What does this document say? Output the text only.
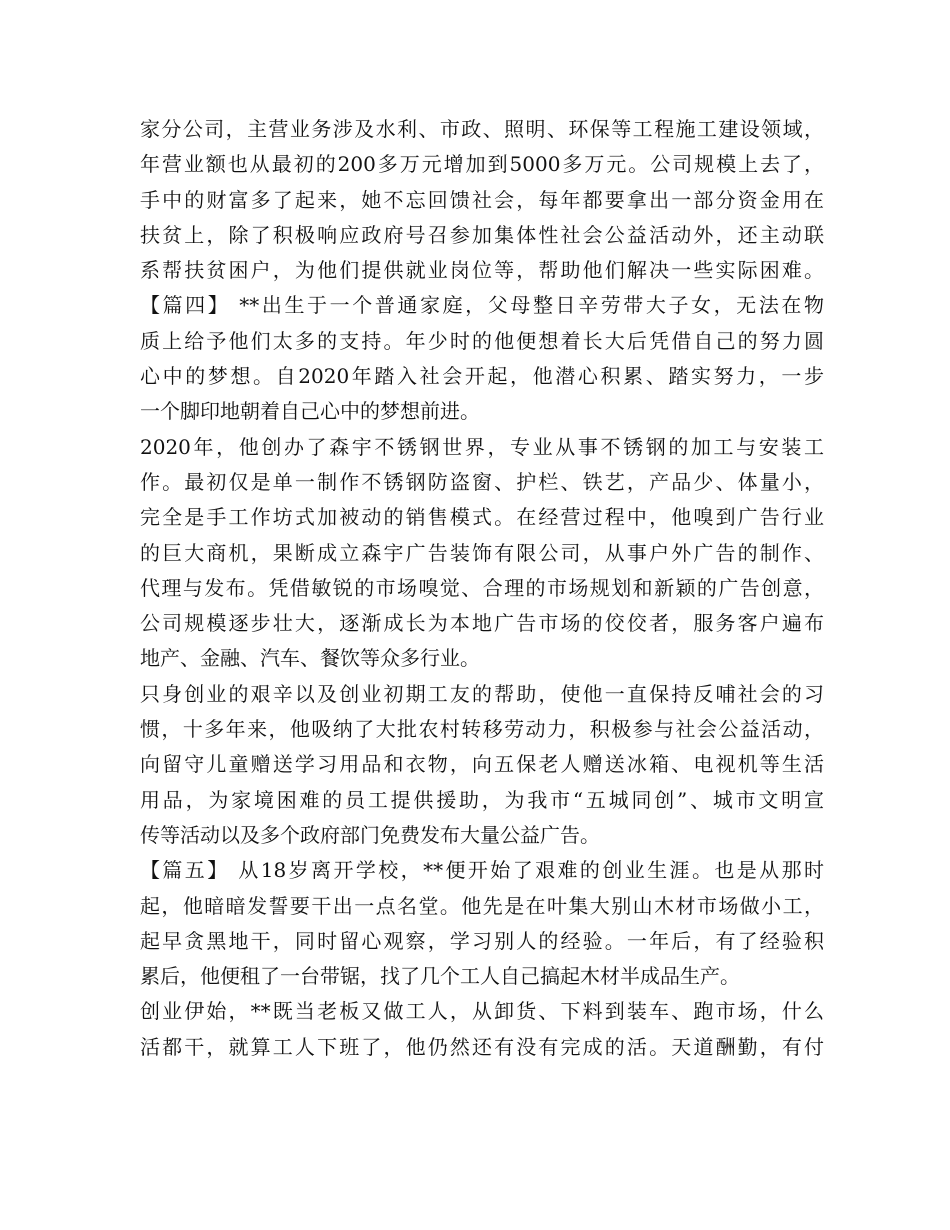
家分公司，主营业务涉及水利、市政、照明、环保等工程施工建设领域，
年营业额也从最初的200多万元增加到5000多万元。公司规模上去了，
手中的财富多了起来，她不忘回馈社会，每年都要拿出一部分资金用在
扶贫上，除了积极响应政府号召参加集体性社会公益活动外，还主动联
系帮扶贫困户，为他们提供就业岗位等，帮助他们解决一些实际困难。
【篇四】 **出生于一个普通家庭，父母整日辛劳带大子女，无法在物
质上给予他们太多的支持。年少时的他便想着长大后凭借自己的努力圆
心中的梦想。自2020年踏入社会开起，他潜心积累、踏实努力，一步
一个脚印地朝着自己心中的梦想前进。
2020年，他创办了森宇不锈钢世界，专业从事不锈钢的加工与安装工
作。最初仅是单一制作不锈钢防盗窗、护栏、铁艺，产品少、体量小，
完全是手工作坊式加被动的销售模式。在经营过程中，他嗅到广告行业
的巨大商机，果断成立森宇广告装饰有限公司，从事户外广告的制作、
代理与发布。凭借敏锐的市场嗅觉、合理的市场规划和新颖的广告创意，
公司规模逐步壮大，逐渐成长为本地广告市场的佼佼者，服务客户遍布
地产、金融、汽车、餐饮等众多行业。
只身创业的艰辛以及创业初期工友的帮助，使他一直保持反哺社会的习
惯，十多年来，他吸纳了大批农村转移劳动力，积极参与社会公益活动，
向留守儿童赠送学习用品和衣物，向五保老人赠送冰箱、电视机等生活
用品，为家境困难的员工提供援助，为我市“五城同创”、城市文明宣
传等活动以及多个政府部门免费发布大量公益广告。
【篇五】 从18岁离开学校，**便开始了艰难的创业生涯。也是从那时
起，他暗暗发誓要干出一点名堂。他先是在叶集大别山木材市场做小工，
起早贪黑地干，同时留心观察，学习别人的经验。一年后，有了经验积
累后，他便租了一台带锯，找了几个工人自己搞起木材半成品生产。
创业伊始，**既当老板又做工人，从卸货、下料到装车、跑市场，什么
活都干，就算工人下班了，他仍然还有没有完成的活。天道酬勤，有付
